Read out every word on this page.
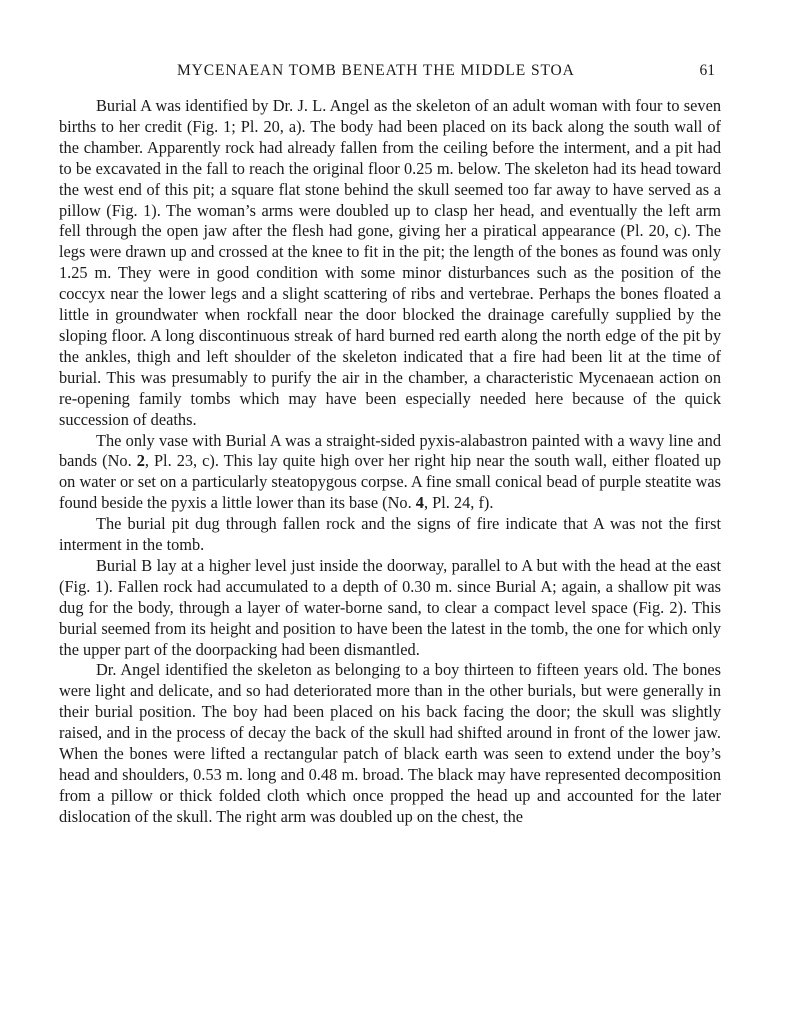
MYCENAEAN TOMB BENEATH THE MIDDLE STOA	61

Burial A was identified by Dr. J. L. Angel as the skeleton of an adult woman with four to seven births to her credit (Fig. 1; Pl. 20, a). The body had been placed on its back along the south wall of the chamber. Apparently rock had already fallen from the ceiling before the interment, and a pit had to be excavated in the fall to reach the original floor 0.25 m. below. The skeleton had its head toward the west end of this pit; a square flat stone behind the skull seemed too far away to have served as a pillow (Fig. 1). The woman’s arms were doubled up to clasp her head, and eventually the left arm fell through the open jaw after the flesh had gone, giving her a piratical appearance (Pl. 20, c). The legs were drawn up and crossed at the knee to fit in the pit; the length of the bones as found was only 1.25 m. They were in good condition with some minor disturbances such as the position of the coccyx near the lower legs and a slight scattering of ribs and vertebrae. Perhaps the bones floated a little in groundwater when rockfall near the door blocked the drainage carefully supplied by the sloping floor. A long discontinuous streak of hard burned red earth along the north edge of the pit by the ankles, thigh and left shoulder of the skeleton indicated that a fire had been lit at the time of burial. This was presumably to purify the air in the chamber, a characteristic Mycenaean action on re-opening family tombs which may have been especially needed here because of the quick succession of deaths.

The only vase with Burial A was a straight-sided pyxis-alabastron painted with a wavy line and bands (No. 2, Pl. 23, c). This lay quite high over her right hip near the south wall, either floated up on water or set on a particularly steatopygous corpse. A fine small conical bead of purple steatite was found beside the pyxis a little lower than its base (No. 4, Pl. 24, f).

The burial pit dug through fallen rock and the signs of fire indicate that A was not the first interment in the tomb.

Burial B lay at a higher level just inside the doorway, parallel to A but with the head at the east (Fig. 1). Fallen rock had accumulated to a depth of 0.30 m. since Burial A; again, a shallow pit was dug for the body, through a layer of water-borne sand, to clear a compact level space (Fig. 2). This burial seemed from its height and position to have been the latest in the tomb, the one for which only the upper part of the doorpacking had been dismantled.

Dr. Angel identified the skeleton as belonging to a boy thirteen to fifteen years old. The bones were light and delicate, and so had deteriorated more than in the other burials, but were generally in their burial position. The boy had been placed on his back facing the door; the skull was slightly raised, and in the process of decay the back of the skull had shifted around in front of the lower jaw. When the bones were lifted a rectangular patch of black earth was seen to extend under the boy’s head and shoulders, 0.53 m. long and 0.48 m. broad. The black may have represented decomposition from a pillow or thick folded cloth which once propped the head up and accounted for the later dislocation of the skull. The right arm was doubled up on the chest, the
